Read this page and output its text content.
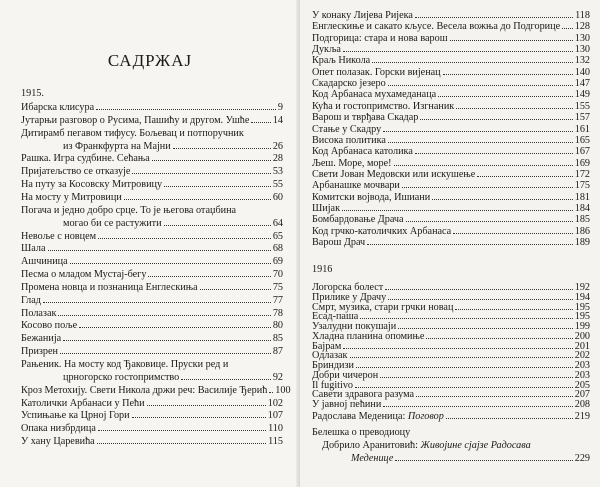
САДРЖАЈ
1915.
Ибарска клисура	9
Јутарњи разговор о Русима, Пашићу и другом. Ушће 14
Дитирамб пегавом тифусу. Бољевац и потпоручник
из Франкфурта на Мајни	26
Рашка. Игра судбине. Сећања	28
Пријатељство се отказује	53
На путу за Косовску Митровицу	55
На мосту у Митровици	60
Погача и једно добро срце. То је његова отаџбина
могао би се растужити	64
Невоље с новцем	65
Шала	68
Ашчиница	69
Песма о младом Мустај-бегу	70
Промена новца и познаница Енглескиња	75
Глад	77
Полазак	78
Косово поље	80
Бежанија	85
Призрен	87
Рањеник. На мосту код Ђаковице. Пруски ред и
црногорско гостопримство	92
Кроз Метохију. Свети Никола држи реч: Василије Ђерић 100
Католички Арбанаси у Пећи	102
Успињање ка Црној Гори	107
Опака низбрдица	110
У хану Царевића	115
У конаку Лијева Ријека	118
Енглескиње и сакато кљусе. Весела вожња до Подгорице 128
Подгорица: стара и нова варош	130
Дукља	130
Краљ Никола	132
Опет полазак. Горски вијенац	140
Скадарско језеро	147
Код Арбанаса мухамеданаца	149
Кућа и гостопримство. Изгнаник	155
Варош и тврђава Скадар	157
Стање у Скадру	161
Висока политика	165
Код Арбанаса католика	167
Љеш. Море, море!	169
Свети Јован Медовски или искушење	172
Арбанашке мочвари	175
Комитски војвода, Ишиани	181
Шијак	184
Бомбардовање Драча	185
Код грчко-католичких Арбанаса	186
Варош Драч	189
1916
Логорска болест	192
Прилике у Драчу	194
Смрт, музика, стари грчки новац	195
Есад-паша	195
Узалудни покушаји	199
Хладна планина опомиње	200
Бајрам	201
Одлазак	202
Бриндизи	203
Добри чичерон	203
Il fugitivo	205
Савети здравога разума	207
У јавној пећини	208
Радослава Меденица: Поговор	219
Белешка о преводиоцу
Добрило Аранитовић: Живојине сјајзе Радосава
Меденице	229
